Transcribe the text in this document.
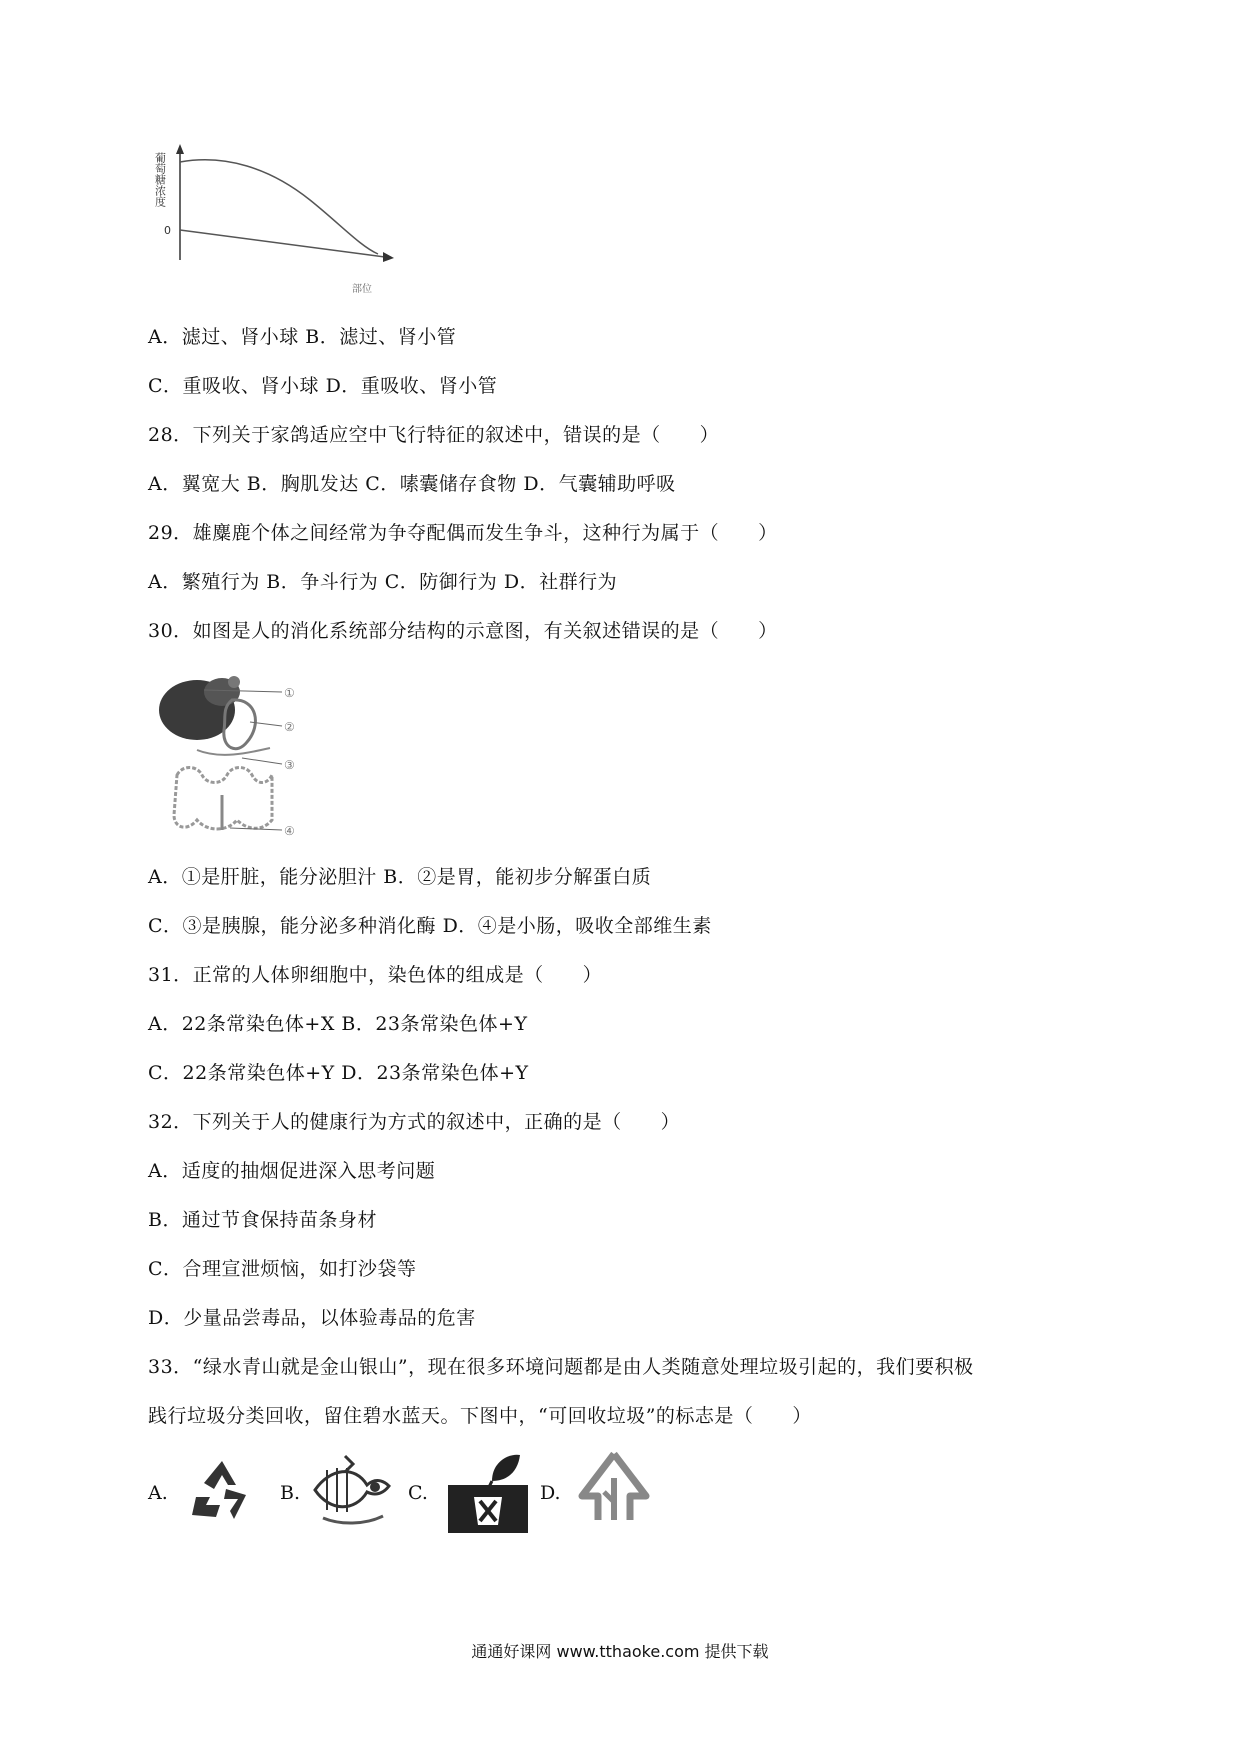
葡萄糖浓度
0
部位

A．滤过、肾小球 B．滤过、肾小管

C．重吸收、肾小球 D．重吸收、肾小管

28．下列关于家鸽适应空中飞行特征的叙述中，错误的是（　　）

A．翼宽大 B．胸肌发达 C．嗉囊储存食物 D．气囊辅助呼吸

29．雄麋鹿个体之间经常为争夺配偶而发生争斗，这种行为属于（　　）

A．繁殖行为 B．争斗行为 C．防御行为 D．社群行为

30．如图是人的消化系统部分结构的示意图，有关叙述错误的是（　　）

①
②
③
④

A．①是肝脏，能分泌胆汁 B．②是胃，能初步分解蛋白质

C．③是胰腺，能分泌多种消化酶 D．④是小肠，吸收全部维生素

31．正常的人体卵细胞中，染色体的组成是（　　）

A．22条常染色体+X B．23条常染色体+Y

C．22条常染色体+Y D．23条常染色体+Y

32．下列关于人的健康行为方式的叙述中，正确的是（　　）

A．适度的抽烟促进深入思考问题

B．通过节食保持苗条身材

C．合理宣泄烦恼，如打沙袋等

D．少量品尝毒品，以体验毒品的危害

33．“绿水青山就是金山银山”，现在很多环境问题都是由人类随意处理垃圾引起的，我们要积极

践行垃圾分类回收，留住碧水蓝天。下图中，“可回收垃圾”的标志是（　　）

A.	B.	C.	D.
通通好课网 www.tthaoke.com 提供下载
